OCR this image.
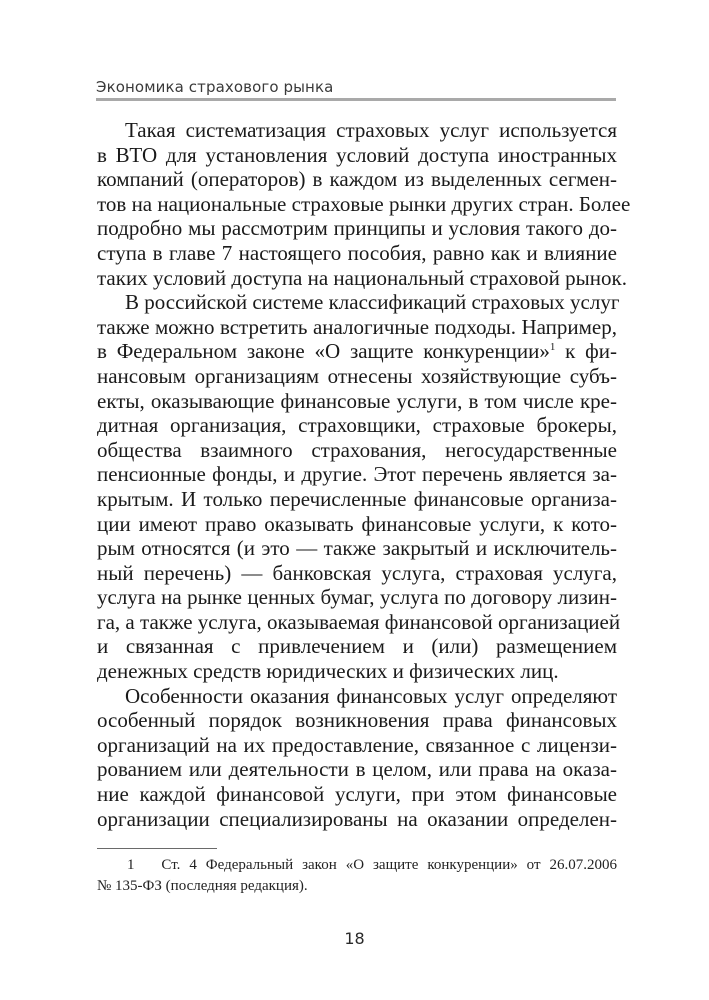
Экономика страхового рынка
Такая систематизация страховых услуг используется
в ВТО для установления условий доступа иностранных
компаний (операторов) в каждом из выделенных сегмен-
тов на национальные страховые рынки других стран. Более
подробно мы рассмотрим принципы и условия такого до-
ступа в главе 7 настоящего пособия, равно как и влияние
таких условий доступа на национальный страховой рынок.
В российской системе классификаций страховых услуг
также можно встретить аналогичные подходы. Например,
в Федеральном законе «О защите конкуренции»$^1$ к фи-
нансовым организациям отнесены хозяйствующие субъ-
екты, оказывающие финансовые услуги, в том числе кре-
дитная организация, страховщики, страховые брокеры,
общества взаимного страхования, негосударственные
пенсионные фонды, и другие. Этот перечень является за-
крытым. И только перечисленные финансовые организа-
ции имеют право оказывать финансовые услуги, к кото-
рым относятся (и это — также закрытый и исключитель-
ный перечень) — банковская услуга, страховая услуга,
услуга на рынке ценных бумаг, услуга по договору лизин-
га, а также услуга, оказываемая финансовой организацией
и связанная с привлечением и (или) размещением
денежных средств юридических и физических лиц.
Особенности оказания финансовых услуг определяют
особенный порядок возникновения права финансовых
организаций на их предоставление, связанное с лицензи-
рованием или деятельности в целом, или права на оказа-
ние каждой финансовой услуги, при этом финансовые
организации специализированы на оказании определен-
1 Ст. 4 Федеральный закон «О защите конкуренции» от 26.07.2006
№ 135-ФЗ (последняя редакция).
18
